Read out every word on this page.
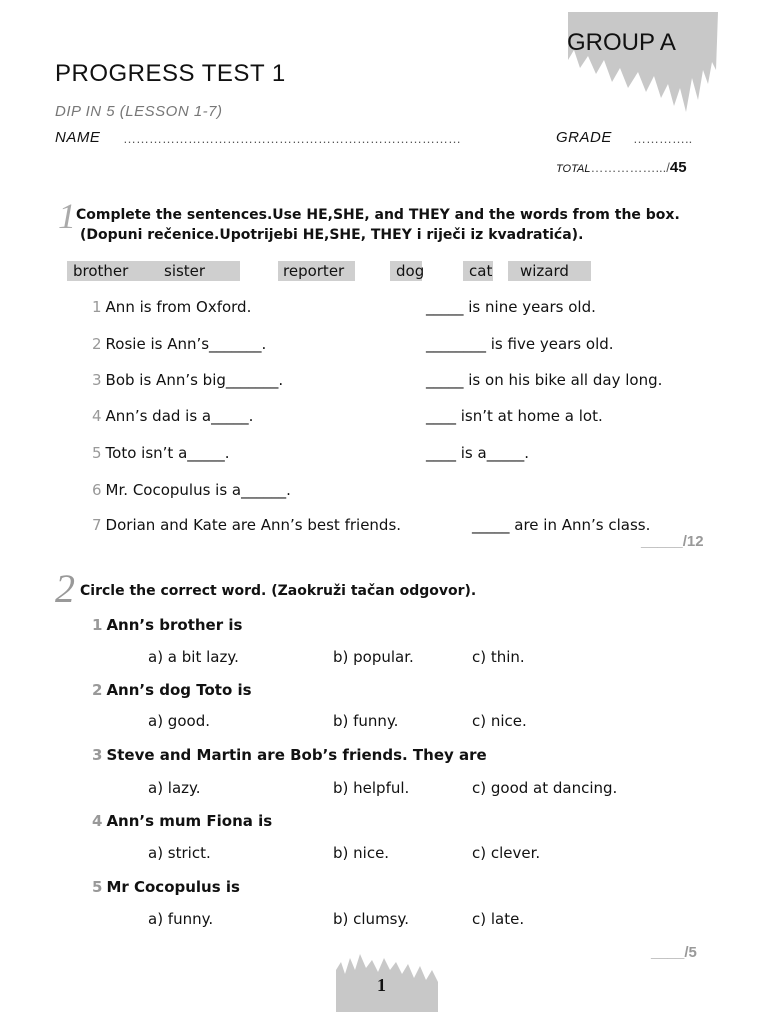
GROUP A
PROGRESS TEST 1
DIP IN 5 (LESSON 1-7)
NAME ……………………………………………………………………	GRADE …………..
TOTAL…………….../45
1 Complete the sentences.Use HE,SHE, and THEY and the words from the box.
(Dopuni rečenice.Upotrijebi HE,SHE, THEY i riječi iz kvadratića).
brother	sister	reporter	dog	cat	wizard
1 Ann is from Oxford.	_____ is nine years old.
2 Rosie is Ann’s_______.	________ is five years old.
3 Bob is Ann’s big_______.	_____ is on his bike all day long.
4 Ann’s dad is a_____.	____ isn’t at home a lot.
5 Toto isn’t a_____.	____ is a_____.
6 Mr. Cocopulus is a______.
7 Dorian and Kate are Ann’s best friends.	_____ are in Ann’s class.
_____/12
2 Circle the correct word. (Zaokruži tačan odgovor).
1 Ann’s brother is
a) a bit lazy.	b) popular.	c) thin.
2 Ann’s dog Toto is
a) good.	b) funny.	c) nice.
3 Steve and Martin are Bob’s friends. They are
a) lazy.	b) helpful.	c) good at dancing.
4 Ann’s mum Fiona is
a) strict.	b) nice.	c) clever.
5 Mr Cocopulus is
a) funny.	b) clumsy.	c) late.
____/5
1
